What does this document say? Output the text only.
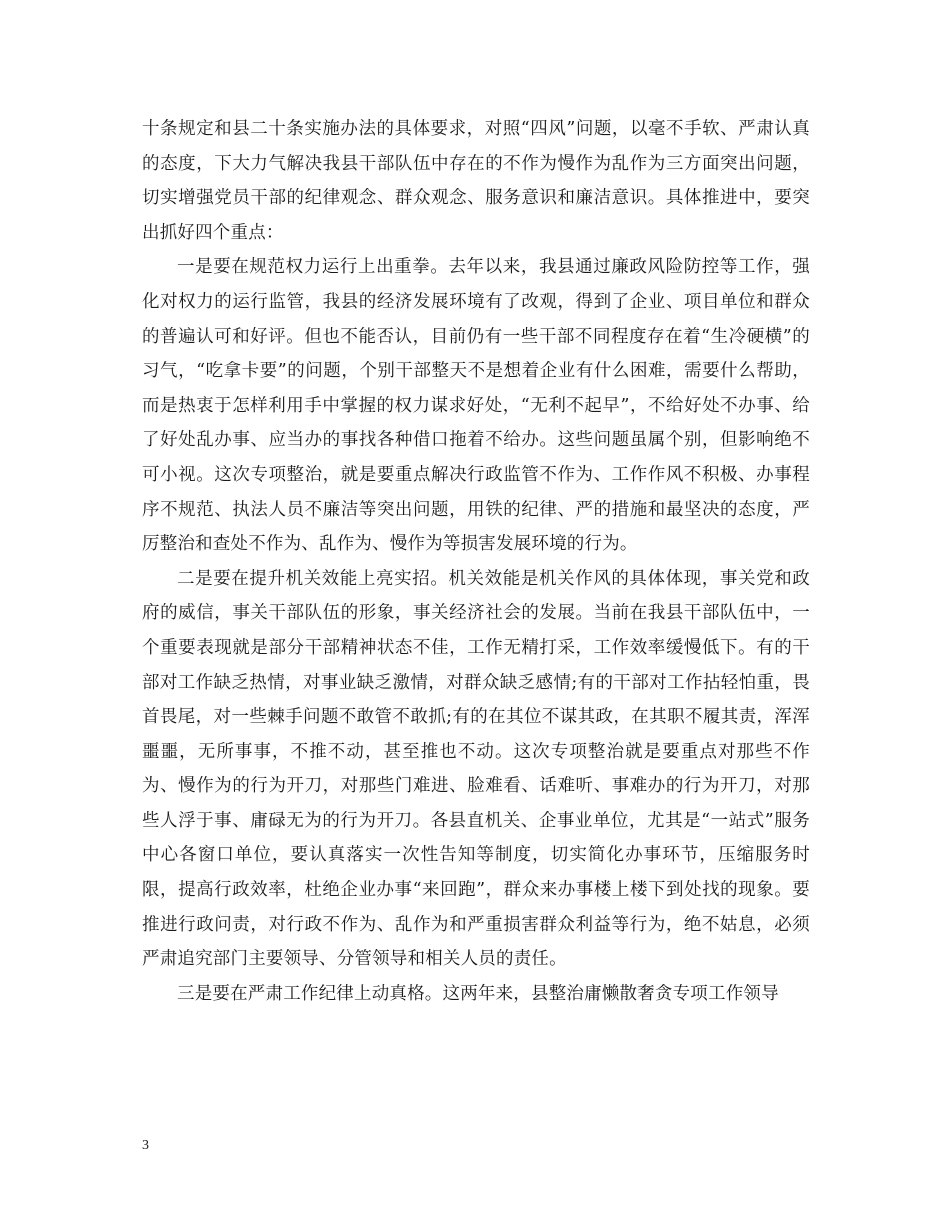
十条规定和县二十条实施办法的具体要求，对照“四风”问题，以毫不手软、严肃认真的态度，下大力气解决我县干部队伍中存在的不作为慢作为乱作为三方面突出问题，切实增强党员干部的纪律观念、群众观念、服务意识和廉洁意识。具体推进中，要突出抓好四个重点：

一是要在规范权力运行上出重拳。去年以来，我县通过廉政风险防控等工作，强化对权力的运行监管，我县的经济发展环境有了改观，得到了企业、项目单位和群众的普遍认可和好评。但也不能否认，目前仍有一些干部不同程度存在着“生冷硬横”的习气，“吃拿卡要”的问题，个别干部整天不是想着企业有什么困难，需要什么帮助，而是热衷于怎样利用手中掌握的权力谋求好处，“无利不起早”，不给好处不办事、给了好处乱办事、应当办的事找各种借口拖着不给办。这些问题虽属个别，但影响绝不可小视。这次专项整治，就是要重点解决行政监管不作为、工作作风不积极、办事程序不规范、执法人员不廉洁等突出问题，用铁的纪律、严的措施和最坚决的态度，严厉整治和查处不作为、乱作为、慢作为等损害发展环境的行为。

二是要在提升机关效能上亮实招。机关效能是机关作风的具体体现，事关党和政府的威信，事关干部队伍的形象，事关经济社会的发展。当前在我县干部队伍中，一个重要表现就是部分干部精神状态不佳，工作无精打采，工作效率缓慢低下。有的干部对工作缺乏热情，对事业缺乏激情，对群众缺乏感情;有的干部对工作拈轻怕重，畏首畏尾，对一些棘手问题不敢管不敢抓;有的在其位不谋其政，在其职不履其责，浑浑噩噩，无所事事，不推不动，甚至推也不动。这次专项整治就是要重点对那些不作为、慢作为的行为开刀，对那些门难进、脸难看、话难听、事难办的行为开刀，对那些人浮于事、庸碌无为的行为开刀。各县直机关、企事业单位，尤其是“一站式”服务中心各窗口单位，要认真落实一次性告知等制度，切实简化办事环节，压缩服务时限，提高行政效率，杜绝企业办事“来回跑”，群众来办事楼上楼下到处找的现象。要推进行政问责，对行政不作为、乱作为和严重损害群众利益等行为，绝不姑息，必须严肃追究部门主要领导、分管领导和相关人员的责任。

三是要在严肃工作纪律上动真格。这两年来，县整治庸懒散奢贪专项工作领导

3
